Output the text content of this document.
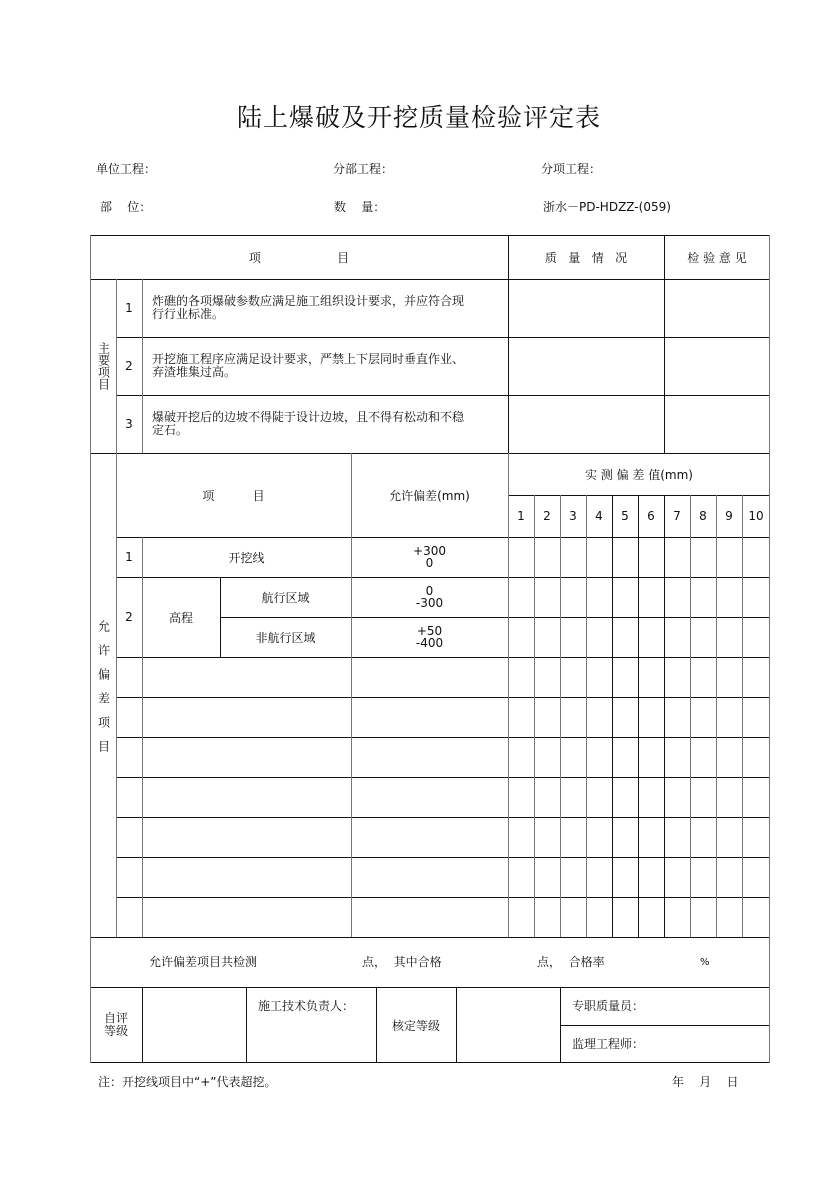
陆上爆破及开挖质量检验评定表
单位工程：	分部工程：	分项工程：
部    位：	数    量：	浙水－PD-HDZZ-(059)
项                    目	质   量   情   况	检 验 意 见
主要项目
1	炸礁的各项爆破参数应满足施工组织设计要求，并应符合现行行业标准。
2	开挖施工程序应满足设计要求，严禁上下层同时垂直作业、弃渣堆集过高。
3	爆破开挖后的边坡不得陡于设计边坡，且不得有松动和不稳定石。
允许偏差项目
项          目	允许偏差(mm)
实 测 偏 差 值(mm)
1	2	3	4	5	6	7	8	9	10
1	开挖线	+300
0
2	高程
航行区域	0
-300
非航行区域	+50
-400
允许偏差项目共检测	点，  其中合格	点，  合格率	%
自评等级
施工技术负责人：
核定等级
专职质量员：
监理工程师：
注：开挖线项目中“+”代表超挖。	年    月    日
